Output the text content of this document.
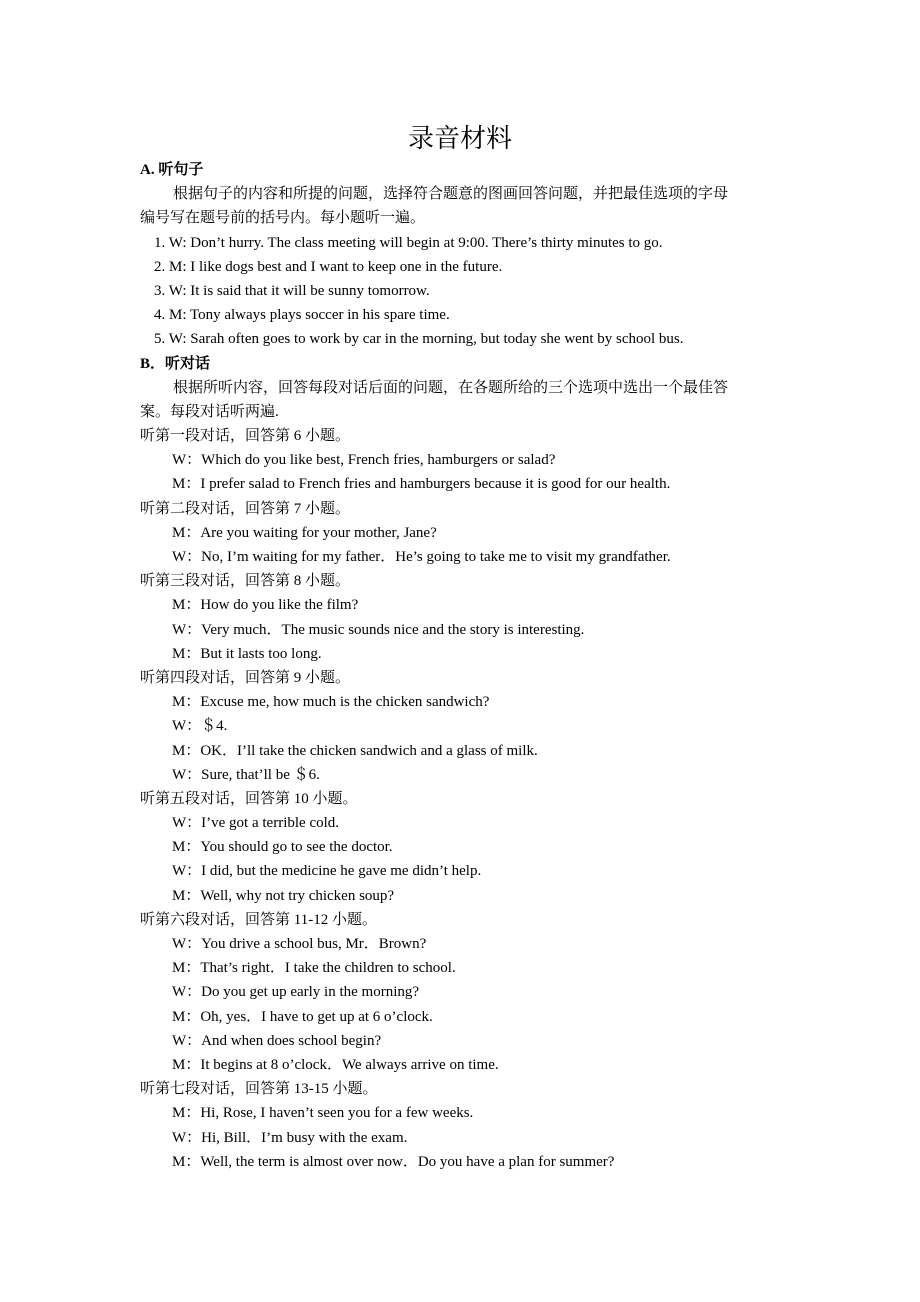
录音材料
A. 听句子
根据句子的内容和所提的问题，选择符合题意的图画回答问题，并把最佳选项的字母
编号写在题号前的括号内。每小题听一遍。
1. W: Don’t hurry. The class meeting will begin at 9:00. There’s thirty minutes to go.
2. M: I like dogs best and I want to keep one in the future.
3. W: It is said that it will be sunny tomorrow.
4. M: Tony always plays soccer in his spare time.
5. W: Sarah often goes to work by car in the morning, but today she went by school bus.
B．听对话
根据所听内容，回答每段对话后面的问题，在各题所给的三个选项中选出一个最佳答
案。每段对话听两遍.
听第一段对话，回答第 6 小题。
W：Which do you like best, French fries, hamburgers or salad?
M：I prefer salad to French fries and hamburgers because it is good for our health.
听第二段对话，回答第 7 小题。
M：Are you waiting for your mother, Jane?
W：No, I’m waiting for my father．He’s going to take me to visit my grandfather.
听第三段对话，回答第 8 小题。
M：How do you like the film?
W：Very much．The music sounds nice and the story is interesting.
M：But it lasts too long.
听第四段对话，回答第 9 小题。
M：Excuse me, how much is the chicken sandwich?
W：＄4.
M：OK．I’ll take the chicken sandwich and a glass of milk.
W：Sure, that’ll be ＄6.
听第五段对话，回答第 10 小题。
W：I’ve got a terrible cold.
M：You should go to see the doctor.
W：I did, but the medicine he gave me didn’t help.
M：Well, why not try chicken soup?
听第六段对话，回答第 11-12 小题。
W：You drive a school bus, Mr．Brown?
M：That’s right．I take the children to school.
W：Do you get up early in the morning?
M：Oh, yes．I have to get up at 6 o’clock.
W：And when does school begin?
M：It begins at 8 o’clock．We always arrive on time.
听第七段对话，回答第 13-15 小题。
M：Hi, Rose, I haven’t seen you for a few weeks.
W：Hi, Bill．I’m busy with the exam.
M：Well, the term is almost over now．Do you have a plan for summer?
